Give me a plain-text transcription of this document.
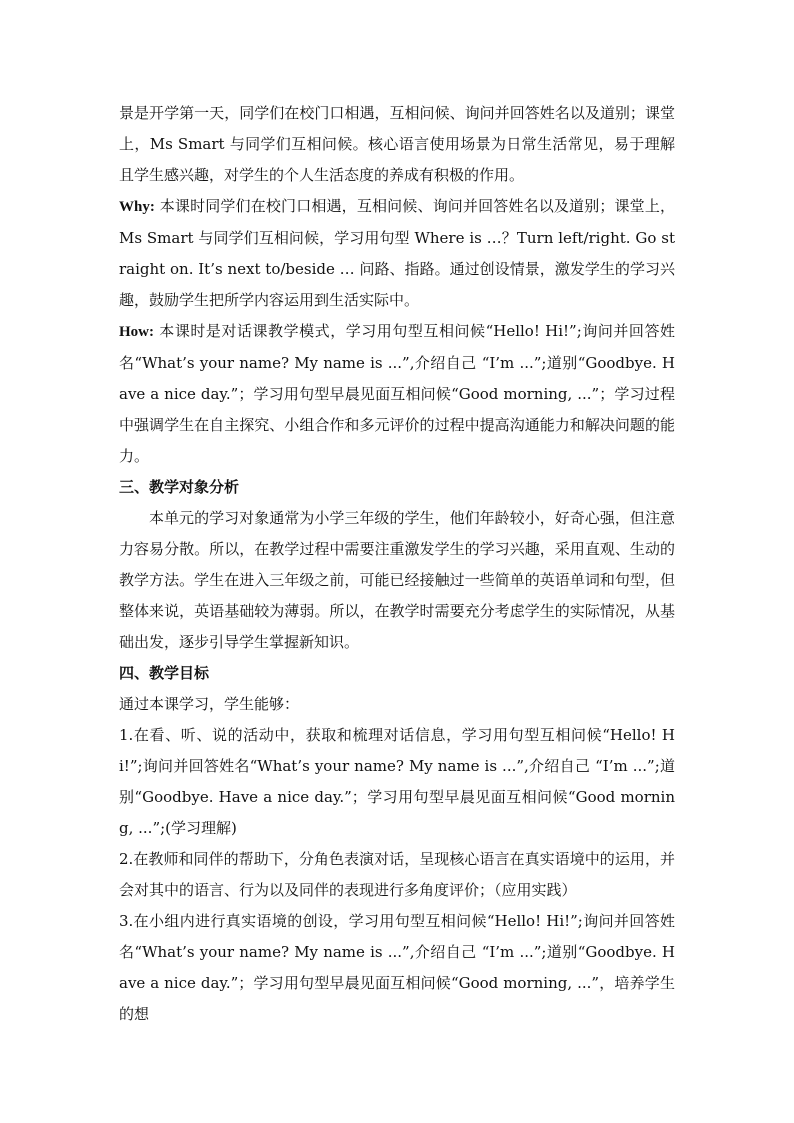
景是开学第一天，同学们在校门口相遇，互相问候、询问并回答姓名以及道别；课堂上，Ms Smart 与同学们互相问候。核心语言使用场景为日常生活常见，易于理解且学生感兴趣，对学生的个人生活态度的养成有积极的作用。

Why: 本课时同学们在校门口相遇，互相问候、询问并回答姓名以及道别；课堂上，Ms Smart 与同学们互相问候，学习用句型 Where is …？Turn left/right. Go straight on. It’s next to/beside … 问路、指路。通过创设情景，激发学生的学习兴趣，鼓励学生把所学内容运用到生活实际中。

How: 本课时是对话课教学模式，学习用句型互相问候“Hello! Hi!”;询问并回答姓名“What’s your name? My name is ...”,介绍自己 “I’m ...”;道别“Goodbye. Have a nice day.”；学习用句型早晨见面互相问候“Good morning, ...”；学习过程中强调学生在自主探究、小组合作和多元评价的过程中提高沟通能力和解决问题的能力。

三、教学对象分析

本单元的学习对象通常为小学三年级的学生，他们年龄较小，好奇心强，但注意力容易分散。所以，在教学过程中需要注重激发学生的学习兴趣，采用直观、生动的教学方法。学生在进入三年级之前，可能已经接触过一些简单的英语单词和句型，但整体来说，英语基础较为薄弱。所以，在教学时需要充分考虑学生的实际情况，从基础出发，逐步引导学生掌握新知识。

四、教学目标

通过本课学习，学生能够：

1.在看、听、说的活动中，获取和梳理对话信息，学习用句型互相问候“Hello! Hi!”;询问并回答姓名“What’s your name? My name is ...”,介绍自己 “I’m ...”;道别“Goodbye. Have a nice day.”；学习用句型早晨见面互相问候“Good morning, ...”;(学习理解)

2.在教师和同伴的帮助下，分角色表演对话，呈现核心语言在真实语境中的运用，并会对其中的语言、行为以及同伴的表现进行多角度评价；（应用实践）

3.在小组内进行真实语境的创设，学习用句型互相问候“Hello! Hi!”;询问并回答姓名“What’s your name? My name is ...”,介绍自己 “I’m ...”;道别“Goodbye. Have a nice day.”；学习用句型早晨见面互相问候“Good morning, ...”，培养学生的想
